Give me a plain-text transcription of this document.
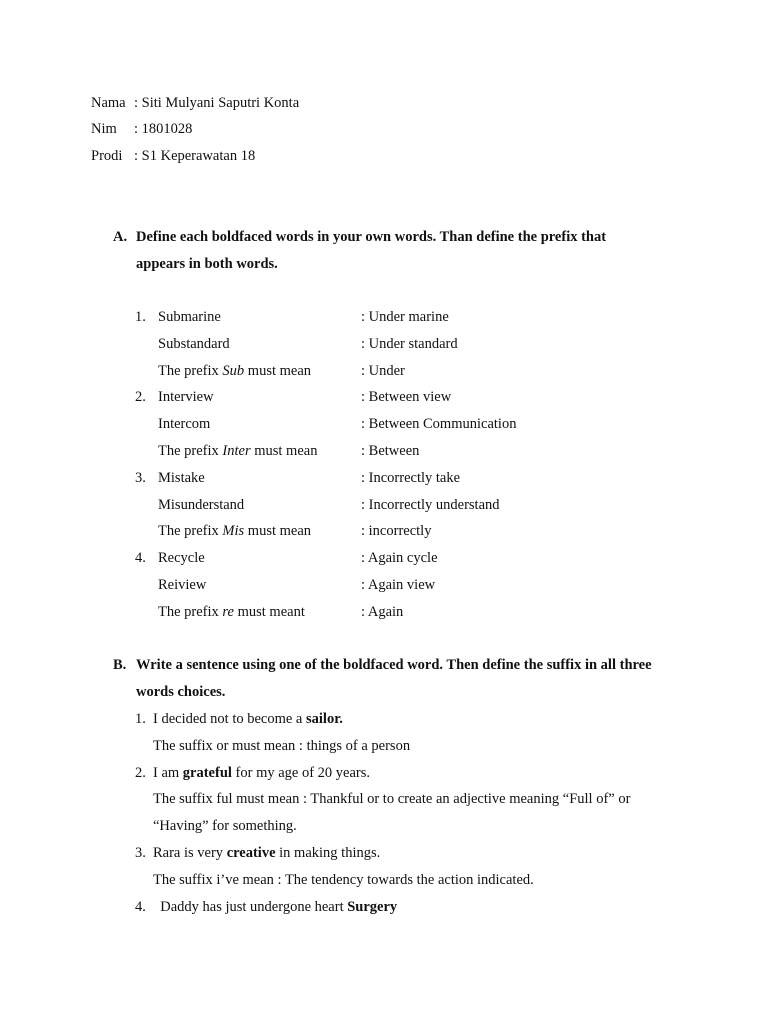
Nama : Siti Mulyani Saputri Konta
Nim : 1801028
Prodi : S1 Keperawatan 18
A. Define each boldfaced words in your own words. Than define the prefix that
appears in both words.
1. Submarine	: Under marine
Substandard	: Under standard
The prefix Sub must mean	: Under
2. Interview	: Between view
Intercom	: Between Communication
The prefix Inter must mean	: Between
3. Mistake	: Incorrectly take
Misunderstand	: Incorrectly understand
The prefix Mis must mean	: incorrectly
4. Recycle	: Again cycle
Reiview	: Again view
The prefix re must meant	: Again
B. Write a sentence using one of the boldfaced word. Then define the suffix in all three
words choices.
1. I decided not to become a sailor.
The suffix or must mean : things of a person
2. I am grateful for my age of 20 years.
The suffix ful must mean : Thankful or to create an adjective meaning “Full of” or
“Having” for something.
3. Rara is very creative in making things.
The suffix i’ve mean : The tendency towards the action indicated.
4. Daddy has just undergone heart Surgery
